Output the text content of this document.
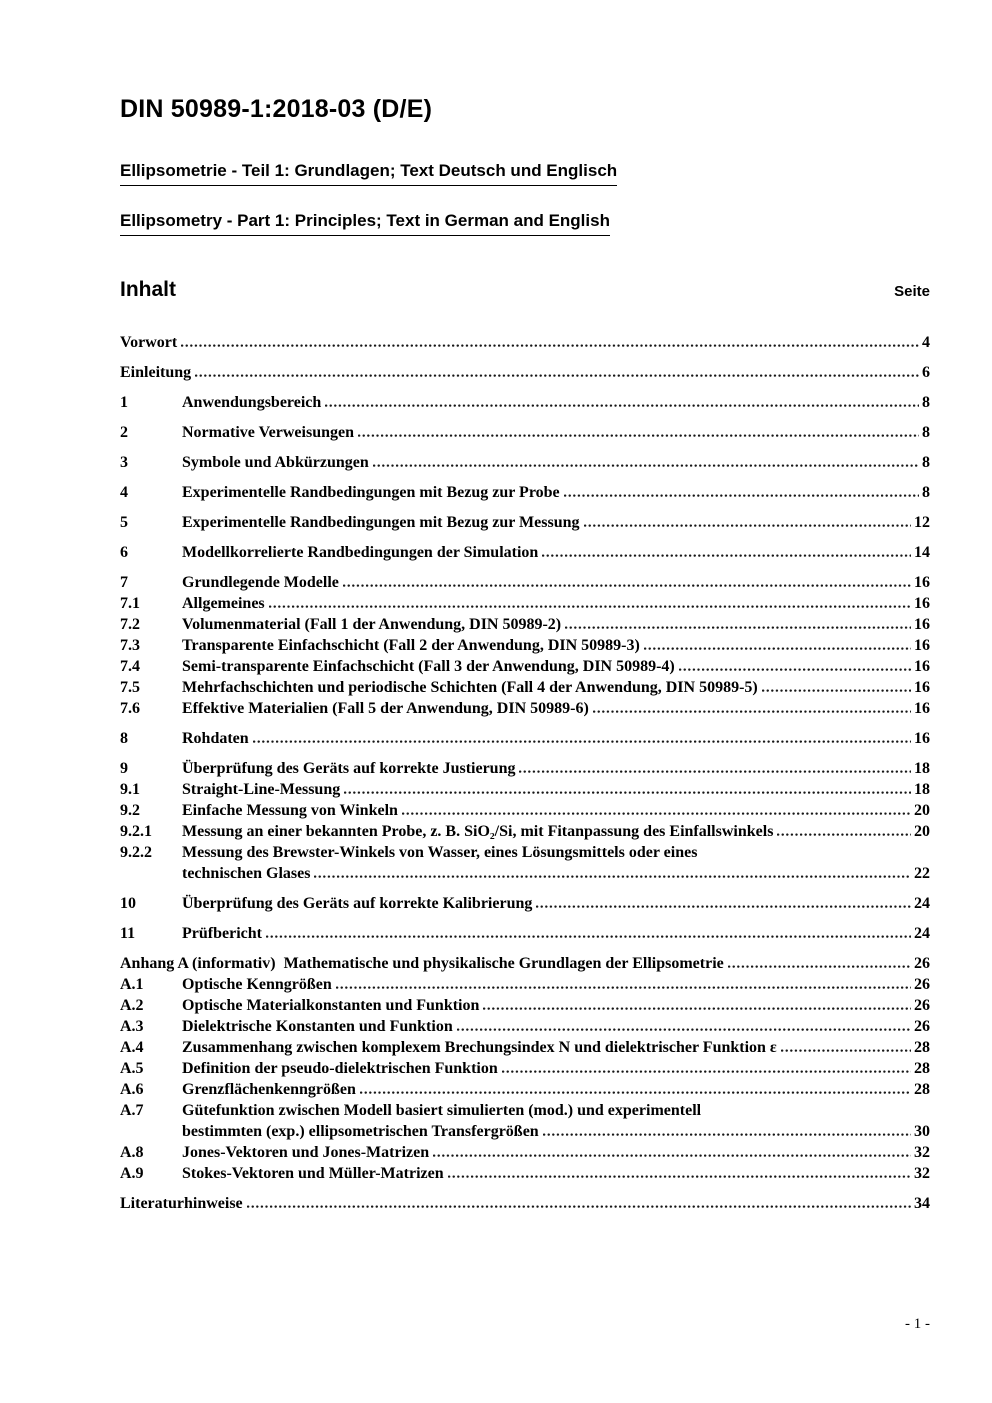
DIN 50989-1:2018-03 (D/E)
Ellipsometrie - Teil 1: Grundlagen; Text Deutsch und Englisch
Ellipsometry - Part 1: Principles; Text in German and English
Inhalt	Seite
Vorwort	4
Einleitung	6
1	Anwendungsbereich	8
2	Normative Verweisungen	8
3	Symbole und Abkürzungen	8
4	Experimentelle Randbedingungen mit Bezug zur Probe	8
5	Experimentelle Randbedingungen mit Bezug zur Messung	12
6	Modellkorrelierte Randbedingungen der Simulation	14
7	Grundlegende Modelle	16
7.1	Allgemeines	16
7.2	Volumenmaterial (Fall 1 der Anwendung, DIN 50989-2)	16
7.3	Transparente Einfachschicht (Fall 2 der Anwendung, DIN 50989-3)	16
7.4	Semi-transparente Einfachschicht (Fall 3 der Anwendung, DIN 50989-4)	16
7.5	Mehrfachschichten und periodische Schichten (Fall 4 der Anwendung, DIN 50989-5)	16
7.6	Effektive Materialien (Fall 5 der Anwendung, DIN 50989-6)	16
8	Rohdaten	16
9	Überprüfung des Geräts auf korrekte Justierung	18
9.1	Straight-Line-Messung	18
9.2	Einfache Messung von Winkeln	20
9.2.1	Messung an einer bekannten Probe, z. B. SiO₂/Si, mit Fitanpassung des Einfallswinkels	20
9.2.2	Messung des Brewster-Winkels von Wasser, eines Lösungsmittels oder eines
technischen Glases	22
10	Überprüfung des Geräts auf korrekte Kalibrierung	24
11	Prüfbericht	24
Anhang A (informativ) Mathematische und physikalische Grundlagen der Ellipsometrie	26
A.1	Optische Kenngrößen	26
A.2	Optische Materialkonstanten und Funktion	26
A.3	Dielektrische Konstanten und Funktion	26
A.4	Zusammenhang zwischen komplexem Brechungsindex N und dielektrischer Funktion ε	28
A.5	Definition der pseudo-dielektrischen Funktion	28
A.6	Grenzflächenkenngrößen	28
A.7	Gütefunktion zwischen Modell basiert simulierten (mod.) und experimentell
bestimmten (exp.) ellipsometrischen Transfergrößen	30
A.8	Jones-Vektoren und Jones-Matrizen	32
A.9	Stokes-Vektoren und Müller-Matrizen	32
Literaturhinweise	34
- 1 -
